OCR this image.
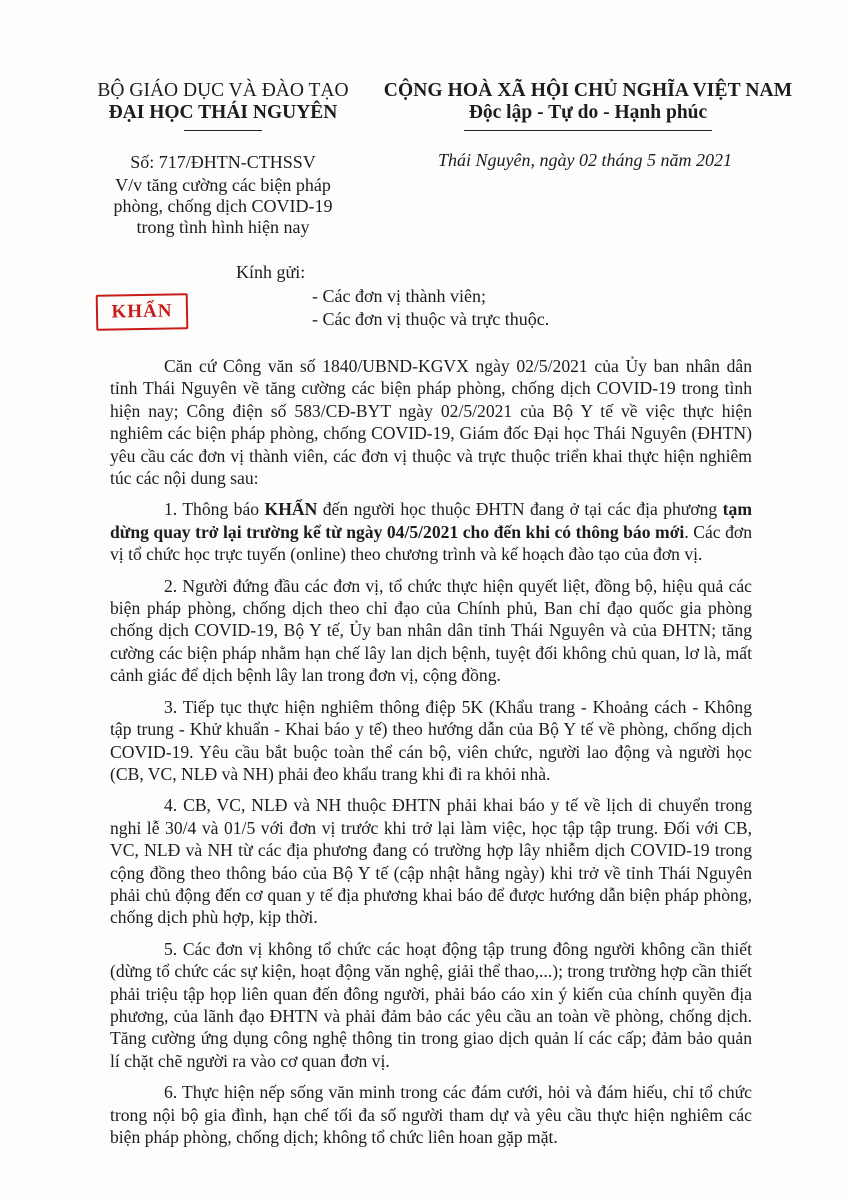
BỘ GIÁO DỤC VÀ ĐÀO TẠO
ĐẠI HỌC THÁI NGUYÊN
CỘNG HOÀ XÃ HỘI CHỦ NGHĨA VIỆT NAM
Độc lập - Tự do - Hạnh phúc
Số: 717/ĐHTN-CTHSSV
V/v tăng cường các biện pháp
phòng, chống dịch COVID-19
trong tình hình hiện nay
Thái Nguyên, ngày 02 tháng 5 năm 2021
KHẨN
Kính gửi:
- Các đơn vị thành viên;
- Các đơn vị thuộc và trực thuộc.

Căn cứ Công văn số 1840/UBND-KGVX ngày 02/5/2021 của Ủy ban nhân dân tỉnh Thái Nguyên về tăng cường các biện pháp phòng, chống dịch COVID-19 trong tình hiện nay; Công điện số 583/CĐ-BYT ngày 02/5/2021 của Bộ Y tế về việc thực hiện nghiêm các biện pháp phòng, chống COVID-19, Giám đốc Đại học Thái Nguyên (ĐHTN) yêu cầu các đơn vị thành viên, các đơn vị thuộc và trực thuộc triển khai thực hiện nghiêm túc các nội dung sau:

1. Thông báo KHẨN đến người học thuộc ĐHTN đang ở tại các địa phương tạm dừng quay trở lại trường kể từ ngày 04/5/2021 cho đến khi có thông báo mới. Các đơn vị tổ chức học trực tuyến (online) theo chương trình và kế hoạch đào tạo của đơn vị.

2. Người đứng đầu các đơn vị, tổ chức thực hiện quyết liệt, đồng bộ, hiệu quả các biện pháp phòng, chống dịch theo chỉ đạo của Chính phủ, Ban chỉ đạo quốc gia phòng chống dịch COVID-19, Bộ Y tế, Ủy ban nhân dân tỉnh Thái Nguyên và của ĐHTN; tăng cường các biện pháp nhằm hạn chế lây lan dịch bệnh, tuyệt đối không chủ quan, lơ là, mất cảnh giác để dịch bệnh lây lan trong đơn vị, cộng đồng.

3. Tiếp tục thực hiện nghiêm thông điệp 5K (Khẩu trang - Khoảng cách - Không tập trung - Khử khuẩn - Khai báo y tế) theo hướng dẫn của Bộ Y tế về phòng, chống dịch COVID-19. Yêu cầu bắt buộc toàn thể cán bộ, viên chức, người lao động và người học (CB, VC, NLĐ và NH) phải đeo khẩu trang khi đi ra khỏi nhà.

4. CB, VC, NLĐ và NH thuộc ĐHTN phải khai báo y tế về lịch di chuyển trong nghỉ lễ 30/4 và 01/5 với đơn vị trước khi trở lại làm việc, học tập tập trung. Đối với CB, VC, NLĐ và NH từ các địa phương đang có trường hợp lây nhiễm dịch COVID-19 trong cộng đồng theo thông báo của Bộ Y tế (cập nhật hằng ngày) khi trở về tỉnh Thái Nguyên phải chủ động đến cơ quan y tế địa phương khai báo để được hướng dẫn biện pháp phòng, chống dịch phù hợp, kịp thời.

5. Các đơn vị không tổ chức các hoạt động tập trung đông người không cần thiết (dừng tổ chức các sự kiện, hoạt động văn nghệ, giải thể thao,...); trong trường hợp cần thiết phải triệu tập họp liên quan đến đông người, phải báo cáo xin ý kiến của chính quyền địa phương, của lãnh đạo ĐHTN và phải đảm bảo các yêu cầu an toàn về phòng, chống dịch. Tăng cường ứng dụng công nghệ thông tin trong giao dịch quản lí các cấp; đảm bảo quản lí chặt chẽ người ra vào cơ quan đơn vị.

6. Thực hiện nếp sống văn minh trong các đám cưới, hỏi và đám hiếu, chỉ tổ chức trong nội bộ gia đình, hạn chế tối đa số người tham dự và yêu cầu thực hiện nghiêm các biện pháp phòng, chống dịch; không tổ chức liên hoan gặp mặt.
